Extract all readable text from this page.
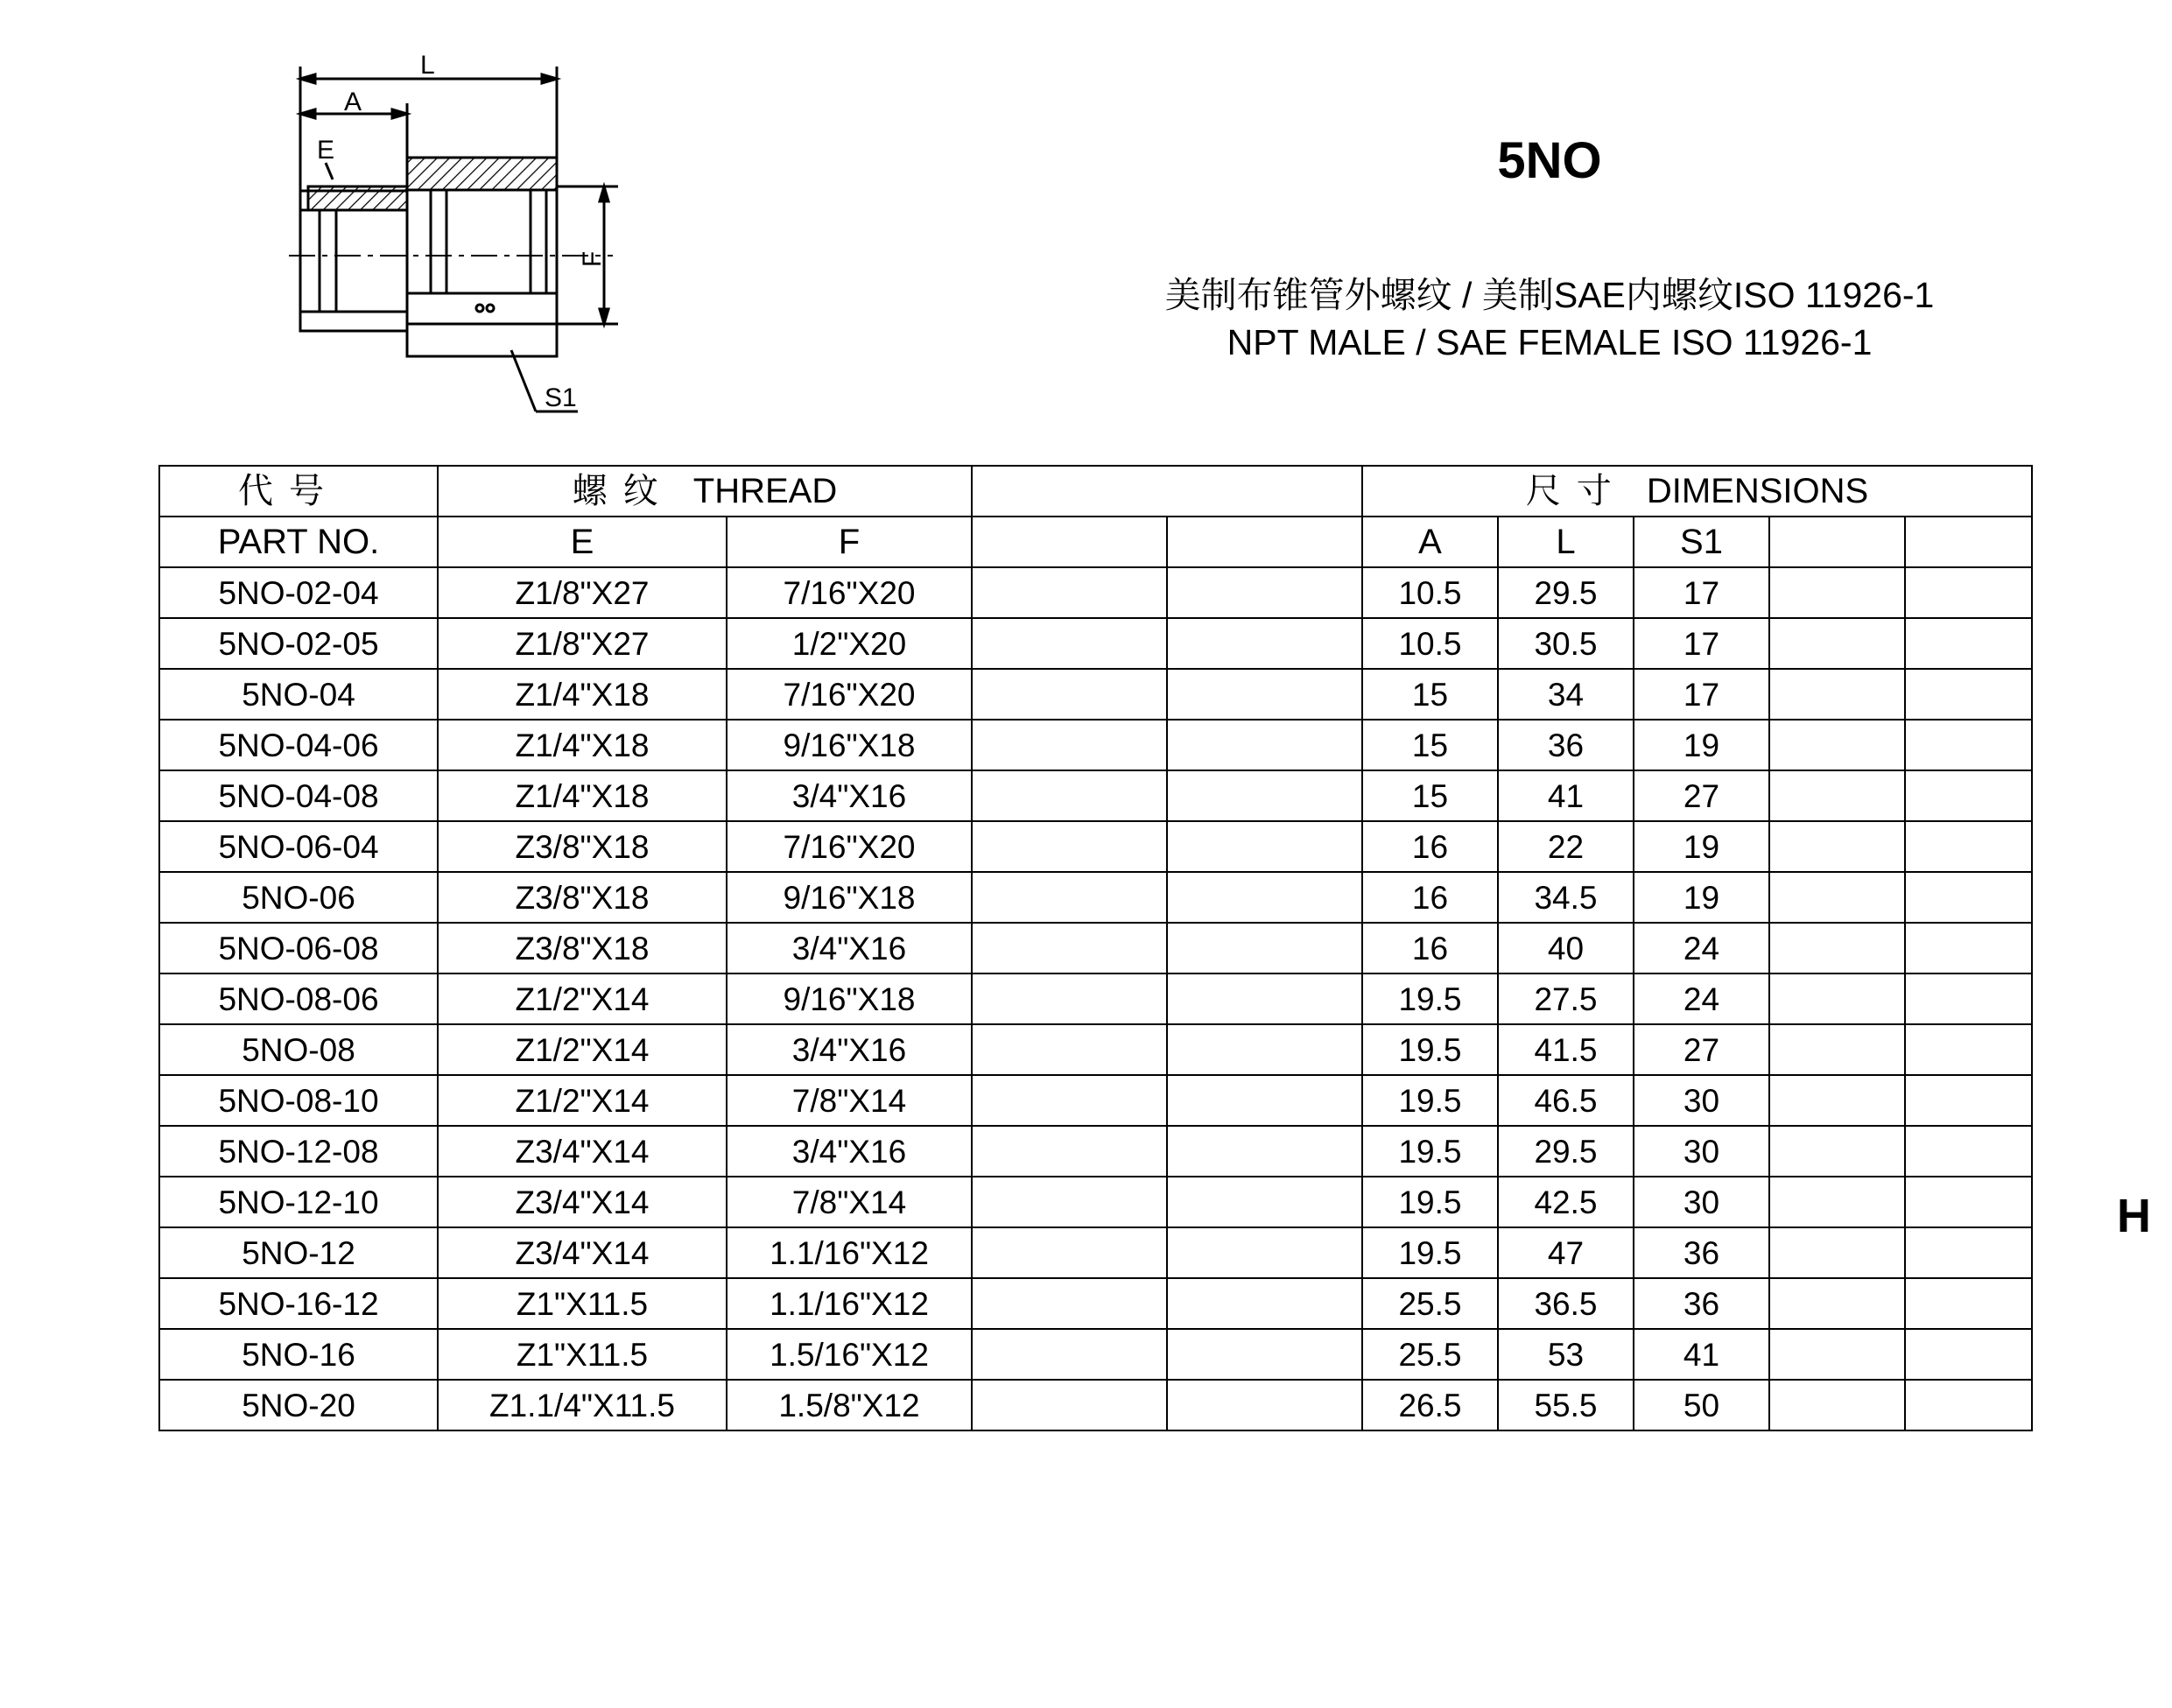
L
A
E
F
S1
5NO
美制布锥管外螺纹 / 美制SAE内螺纹ISO 11926-1
NPT MALE / SAE FEMALE ISO 11926-1
代号	螺纹 THREAD				尺寸 DIMENSIONS				
PART NO.	E	F			A	L	S1		
5NO-02-04	Z1/8"X27	7/16"X20			10.5	29.5	17		
5NO-02-05	Z1/8"X27	1/2"X20			10.5	30.5	17		
5NO-04	Z1/4"X18	7/16"X20			15	34	17		
5NO-04-06	Z1/4"X18	9/16"X18			15	36	19		
5NO-04-08	Z1/4"X18	3/4"X16			15	41	27		
5NO-06-04	Z3/8"X18	7/16"X20			16	22	19		
5NO-06	Z3/8"X18	9/16"X18			16	34.5	19		
5NO-06-08	Z3/8"X18	3/4"X16			16	40	24		
5NO-08-06	Z1/2"X14	9/16"X18			19.5	27.5	24		
5NO-08	Z1/2"X14	3/4"X16			19.5	41.5	27		
5NO-08-10	Z1/2"X14	7/8"X14			19.5	46.5	30		
5NO-12-08	Z3/4"X14	3/4"X16			19.5	29.5	30		
5NO-12-10	Z3/4"X14	7/8"X14			19.5	42.5	30		
5NO-12	Z3/4"X14	1.1/16"X12			19.5	47	36		
5NO-16-12	Z1"X11.5	1.1/16"X12			25.5	36.5	36		
5NO-16	Z1"X11.5	1.5/16"X12			25.5	53	41		
5NO-20	Z1.1/4"X11.5	1.5/8"X12			26.5	55.5	50		
H
